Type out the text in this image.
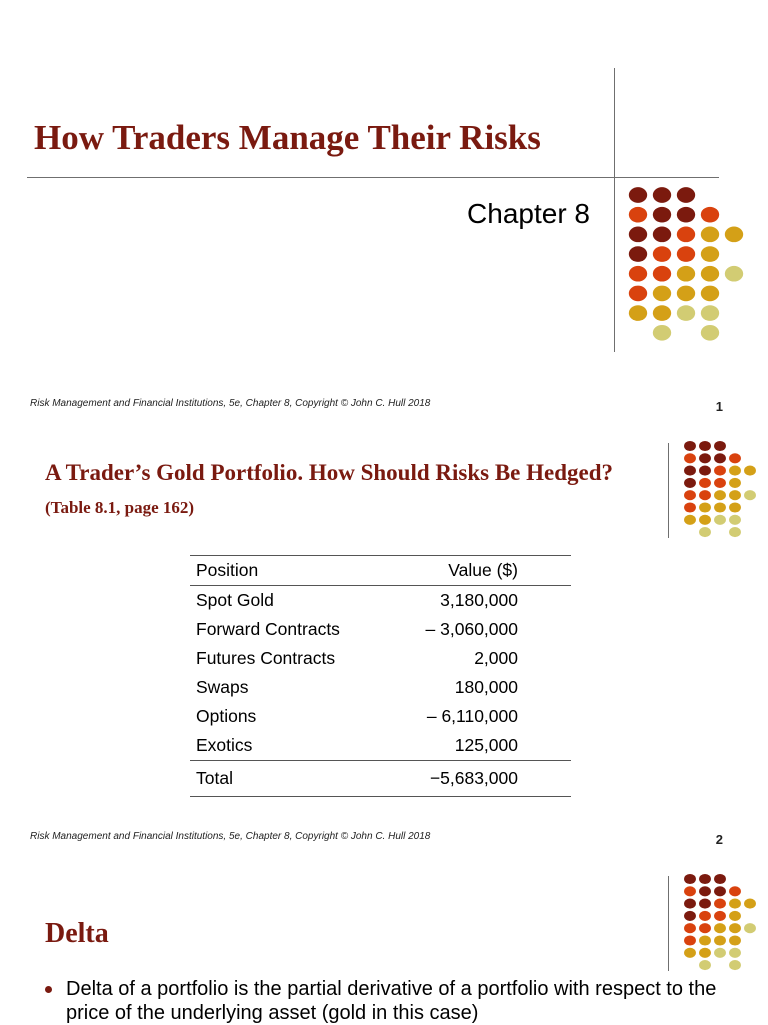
How Traders Manage Their Risks
Chapter 8
Risk Management and Financial Institutions, 5e, Chapter 8, Copyright © John C. Hull 2018	1
A Trader’s Gold Portfolio. How Should Risks Be Hedged? (Table 8.1, page 162)
Position	Value ($)
Spot Gold	3,180,000
Forward Contracts	– 3,060,000
Futures Contracts	2,000
Swaps	180,000
Options	– 6,110,000
Exotics	125,000
Total	−5,683,000
Risk Management and Financial Institutions, 5e, Chapter 8, Copyright © John C. Hull 2018	2
Delta
Delta of a portfolio is the partial derivative of a portfolio with respect to the price of the underlying asset (gold in this case)
